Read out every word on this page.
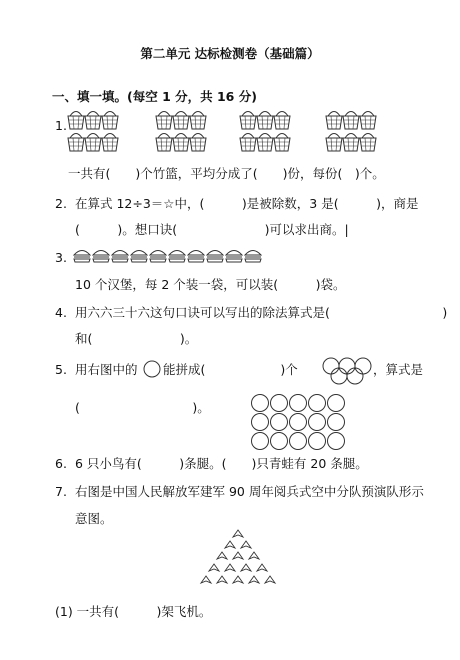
第二单元 达标检测卷（基础篇）
一、填一填。(每空 1 分，共 16 分)
1.
一共有(　　)个竹篮，平均分成了(　　)份，每份(　)个。
2. 在算式 12÷3＝☆中，(　　　)是被除数，3 是(　　　)，商是
(　　　)。想口诀(　　　　　　　)可以求出商。|
3.
10 个汉堡，每 2 个装一袋，可以装(　　　)袋。
4. 用六六三十六这句口诀可以写出的除法算式是(　　　　　　　　　)
和(　　　　　　　)。
5. 用右图中的 能拼成(　　　　　　)个	，算式是
(　　　　　　　　　)。
6. 6 只小鸟有(　　　)条腿。(　　)只青蛙有 20 条腿。
7. 右图是中国人民解放军建军 90 周年阅兵式空中分队预演队形示
意图。
(1) 一共有(　　　)架飞机。
